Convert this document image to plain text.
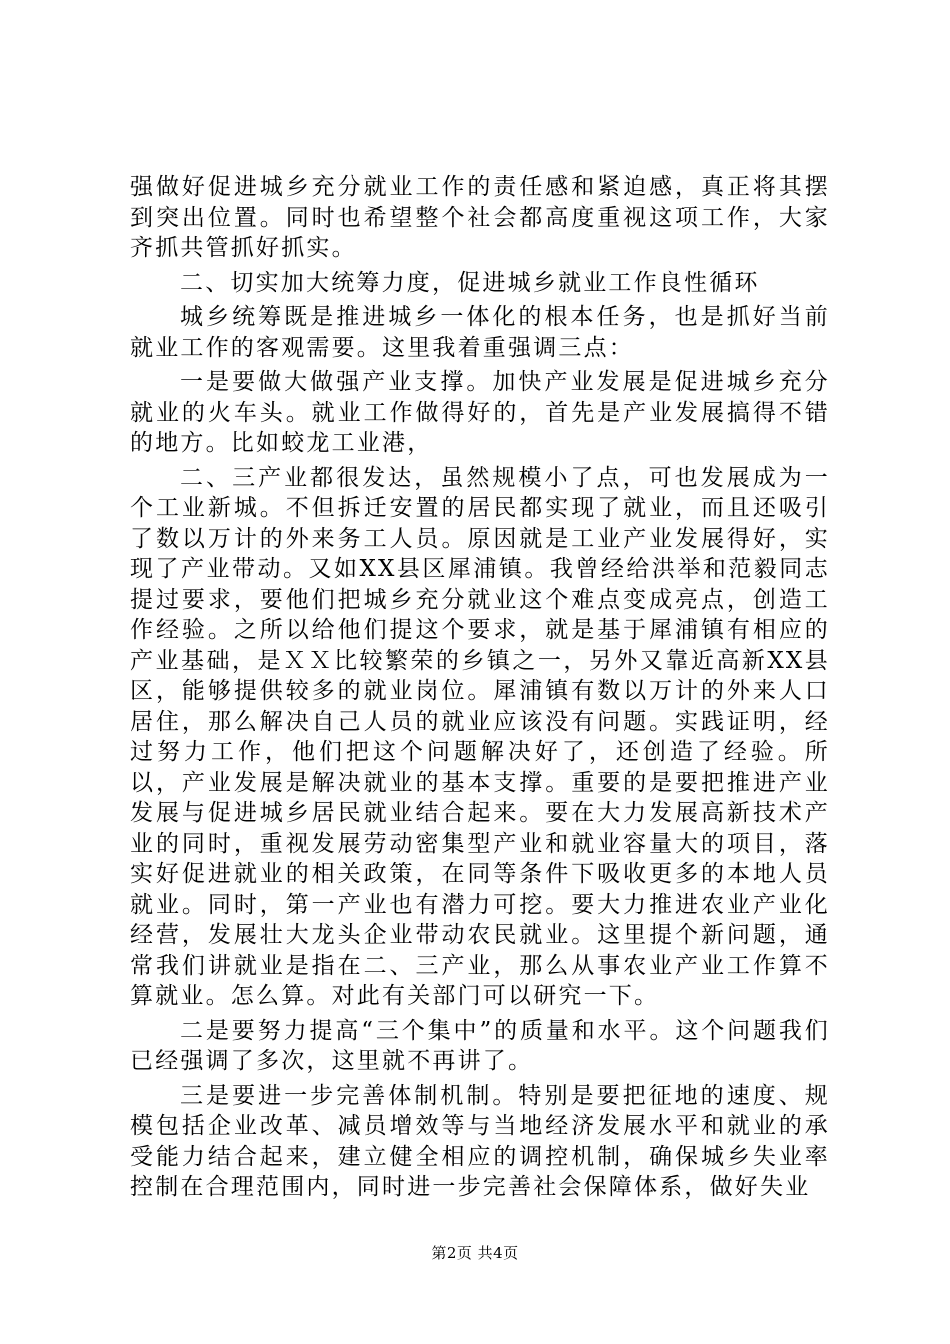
强做好促进城乡充分就业工作的责任感和紧迫感，真正将其摆到突出位置。同时也希望整个社会都高度重视这项工作，大家齐抓共管抓好抓实。

二、切实加大统筹力度，促进城乡就业工作良性循环

城乡统筹既是推进城乡一体化的根本任务，也是抓好当前就业工作的客观需要。这里我着重强调三点：

一是要做大做强产业支撑。加快产业发展是促进城乡充分就业的火车头。就业工作做得好的，首先是产业发展搞得不错的地方。比如蛟龙工业港，

二、三产业都很发达，虽然规模小了点，可也发展成为一个工业新城。不但拆迁安置的居民都实现了就业，而且还吸引了数以万计的外来务工人员。原因就是工业产业发展得好，实现了产业带动。又如XX县区犀浦镇。我曾经给洪举和范毅同志提过要求，要他们把城乡充分就业这个难点变成亮点，创造工作经验。之所以给他们提这个要求，就是基于犀浦镇有相应的产业基础，是ＸＸ比较繁荣的乡镇之一，另外又靠近高新XX县区，能够提供较多的就业岗位。犀浦镇有数以万计的外来人口居住，那么解决自己人员的就业应该没有问题。实践证明，经过努力工作，他们把这个问题解决好了，还创造了经验。所以，产业发展是解决就业的基本支撑。重要的是要把推进产业发展与促进城乡居民就业结合起来。要在大力发展高新技术产业的同时，重视发展劳动密集型产业和就业容量大的项目，落实好促进就业的相关政策，在同等条件下吸收更多的本地人员就业。同时，第一产业也有潜力可挖。要大力推进农业产业化经营，发展壮大龙头企业带动农民就业。这里提个新问题，通常我们讲就业是指在二、三产业，那么从事农业产业工作算不算就业。怎么算。对此有关部门可以研究一下。

二是要努力提高“三个集中”的质量和水平。这个问题我们已经强调了多次，这里就不再讲了。

三是要进一步完善体制机制。特别是要把征地的速度、规模包括企业改革、减员增效等与当地经济发展水平和就业的承受能力结合起来，建立健全相应的调控机制，确保城乡失业率控制在合理范围内，同时进一步完善社会保障体系，做好失业

第2页 共4页
